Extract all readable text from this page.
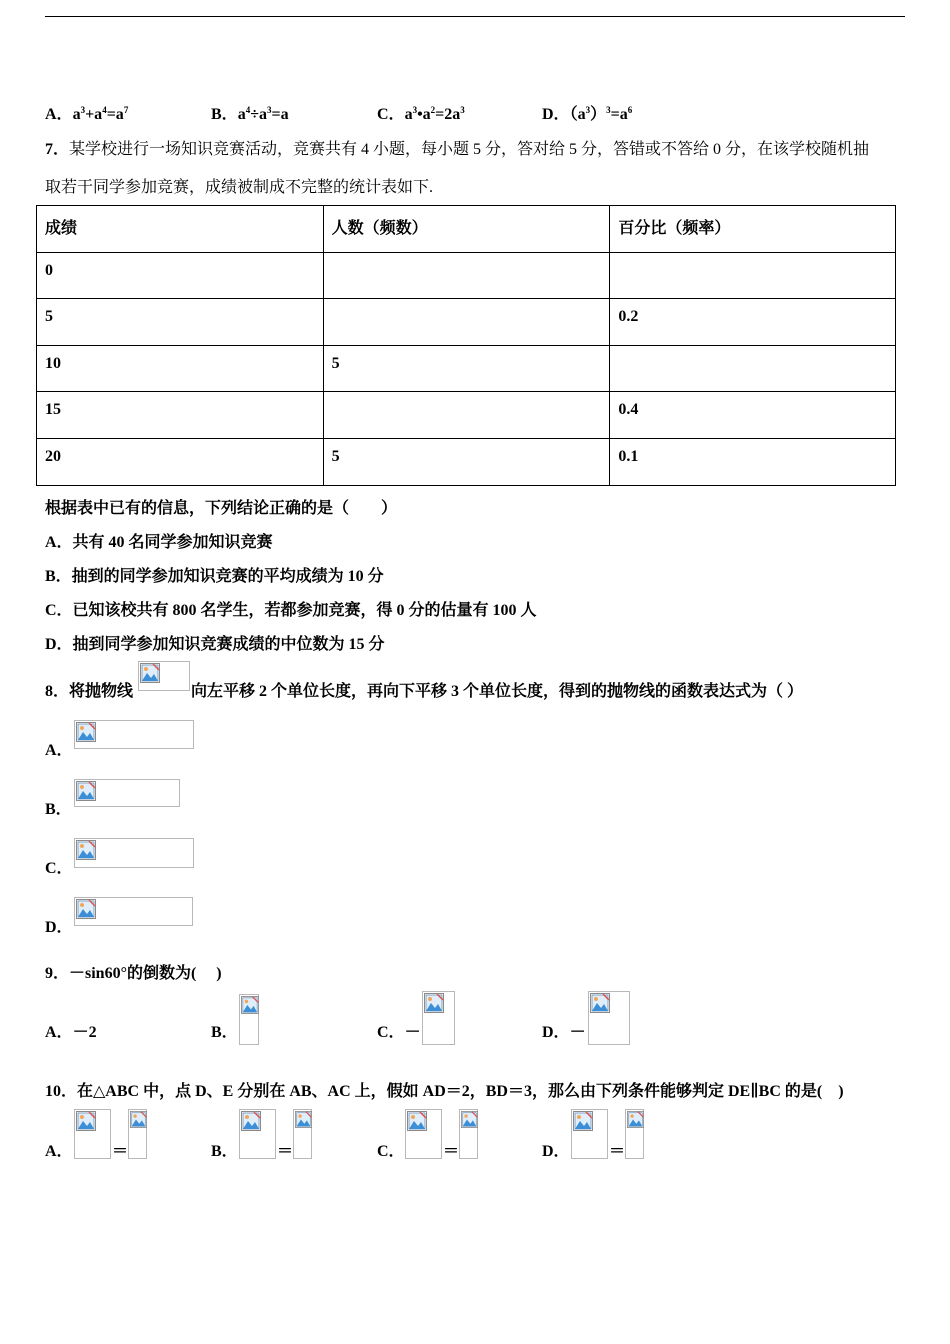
A．$a^3+a^4=a^7$	B．$a^4\div a^3=a$	C．$a^3•a^2=2a^3$	D．$(a^3)^3=a^6$
7．某学校进行一场知识竞赛活动，竞赛共有 4 小题，每小题 5 分，答对给 5 分，答错或不答给 0 分，在该学校随机抽
取若干同学参加竞赛，成绩被制成不完整的统计表如下.
成绩	人数（频数）	百分比（频率）
0		
5		0.2
10	5	
15		0.4
20	5	0.1
根据表中已有的信息，下列结论正确的是（　　）
A．共有 40 名同学参加知识竞赛
B．抽到的同学参加知识竞赛的平均成绩为 10 分
C．已知该校共有 800 名学生，若都参加竞赛，得 0 分的估量有 100 人
D．抽到同学参加知识竞赛成绩的中位数为 15 分
8．将抛物线	向左平移 2 个单位长度，再向下平移 3 个单位长度，得到的抛物线的函数表达式为（ ）
A．
B．
C．
D．
9．－sin60°的倒数为(　 )
A．－2	B．	C．－	D．－
10．在△ABC 中，点 D、E 分别在 AB、AC 上，假如 AD＝2，BD＝3，那么由下列条件能够判定 DE∥BC 的是(　)
A． ＝	B． ＝	C． ＝	D． ＝
